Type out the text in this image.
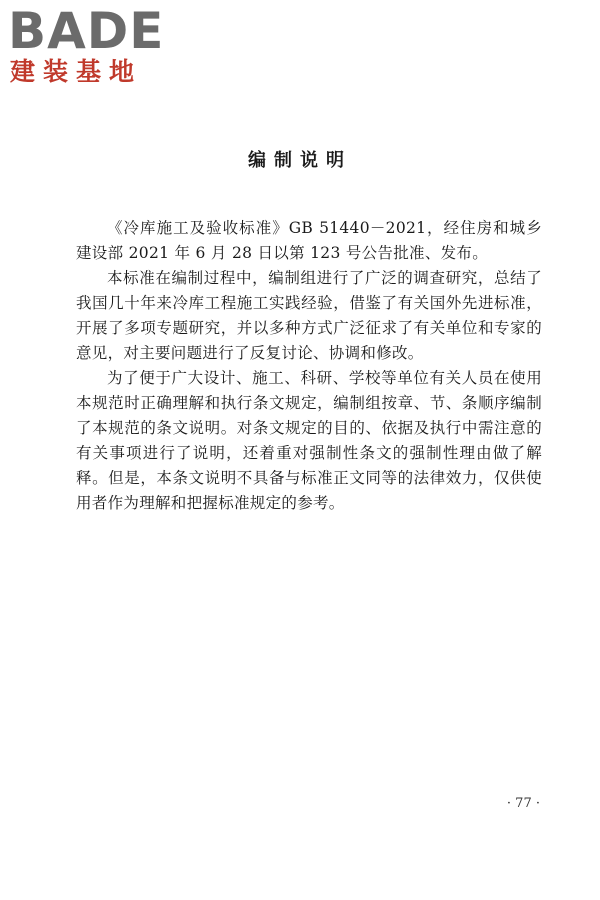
BADE
建装基地
编制说明

《冷库施工及验收标准》GB 51440－2021，经住房和城乡建设部 2021 年 6 月 28 日以第 123 号公告批准、发布。

本标准在编制过程中，编制组进行了广泛的调查研究，总结了我国几十年来冷库工程施工实践经验，借鉴了有关国外先进标准，开展了多项专题研究，并以多种方式广泛征求了有关单位和专家的意见，对主要问题进行了反复讨论、协调和修改。

为了便于广大设计、施工、科研、学校等单位有关人员在使用本规范时正确理解和执行条文规定，编制组按章、节、条顺序编制了本规范的条文说明。对条文规定的目的、依据及执行中需注意的有关事项进行了说明，还着重对强制性条文的强制性理由做了解释。但是，本条文说明不具备与标准正文同等的法律效力，仅供使用者作为理解和把握标准规定的参考。

· 77 ·
